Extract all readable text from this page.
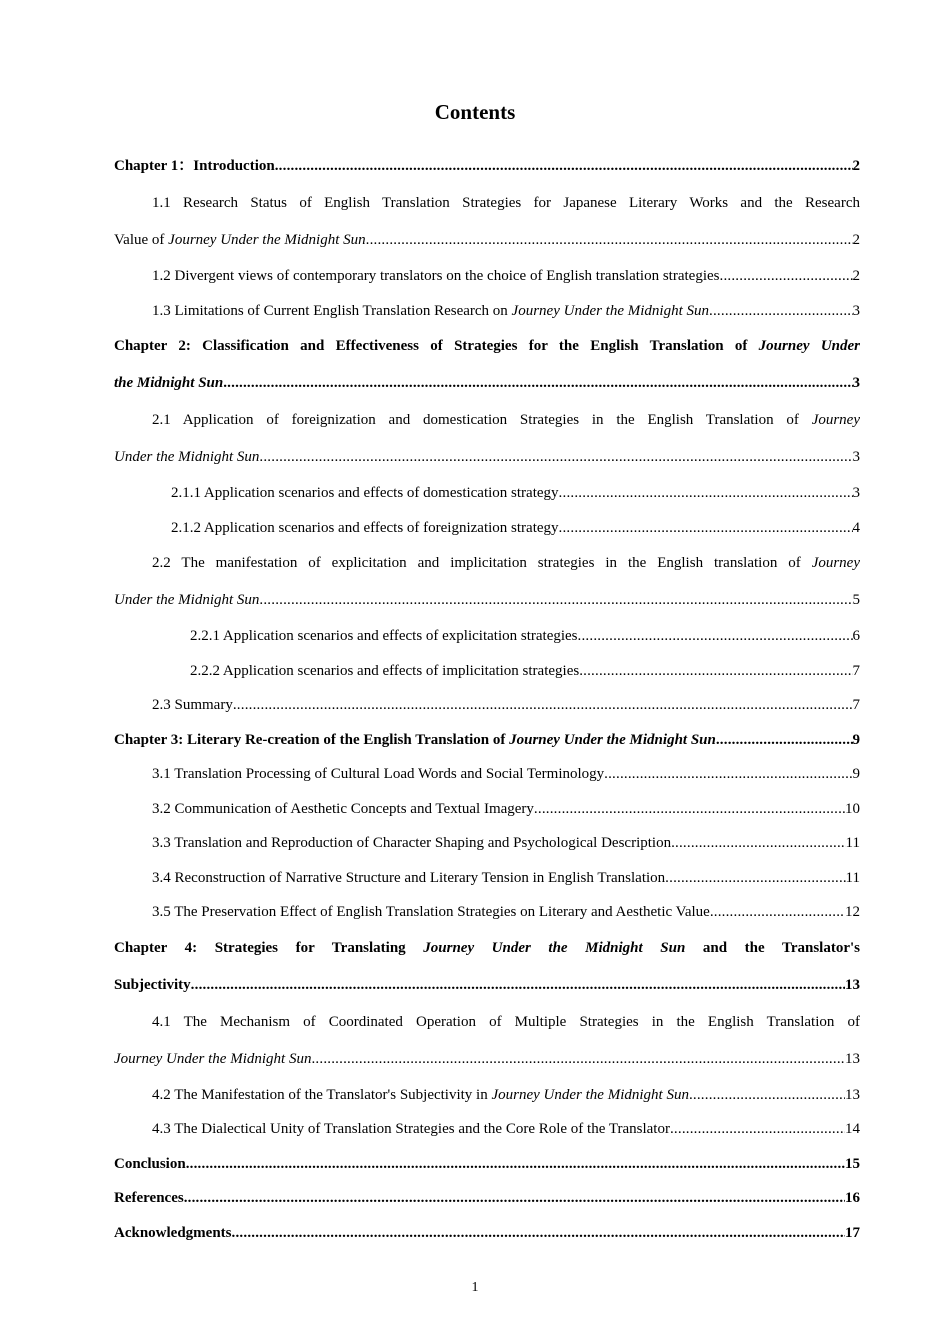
Contents
Chapter 1：Introduction .....	2
1.1 Research Status of English Translation Strategies for Japanese Literary Works and the Research
Value of Journey Under the Midnight Sun .....	2
1.2 Divergent views of contemporary translators on the choice of English translation strategies .....	2
1.3 Limitations of Current English Translation Research on Journey Under the Midnight Sun .....	3
Chapter 2: Classification and Effectiveness of Strategies for the English Translation of Journey Under
the Midnight Sun .....	3
2.1 Application of foreignization and domestication Strategies in the English Translation of Journey
Under the Midnight Sun .....	3
2.1.1 Application scenarios and effects of domestication strategy .....	3
2.1.2 Application scenarios and effects of foreignization strategy .....	4
2.2 The manifestation of explicitation and implicitation strategies in the English translation of Journey
Under the Midnight Sun .....	5
2.2.1 Application scenarios and effects of explicitation strategies .....	6
2.2.2 Application scenarios and effects of implicitation strategies .....	7
2.3 Summary .....	7
Chapter 3: Literary Re-creation of the English Translation of Journey Under the Midnight Sun .....	9
3.1 Translation Processing of Cultural Load Words and Social Terminology .....	9
3.2 Communication of Aesthetic Concepts and Textual Imagery .....	10
3.3 Translation and Reproduction of Character Shaping and Psychological Description .....	11
3.4 Reconstruction of Narrative Structure and Literary Tension in English Translation .....	11
3.5 The Preservation Effect of English Translation Strategies on Literary and Aesthetic Value .....	12
Chapter 4: Strategies for Translating Journey Under the Midnight Sun and the Translator's
Subjectivity .....	13
4.1 The Mechanism of Coordinated Operation of Multiple Strategies in the English Translation of
Journey Under the Midnight Sun .....	13
4.2 The Manifestation of the Translator's Subjectivity in Journey Under the Midnight Sun .....	13
4.3 The Dialectical Unity of Translation Strategies and the Core Role of the Translator .....	14
Conclusion .....	15
References .....	16
Acknowledgments .....	17
1
